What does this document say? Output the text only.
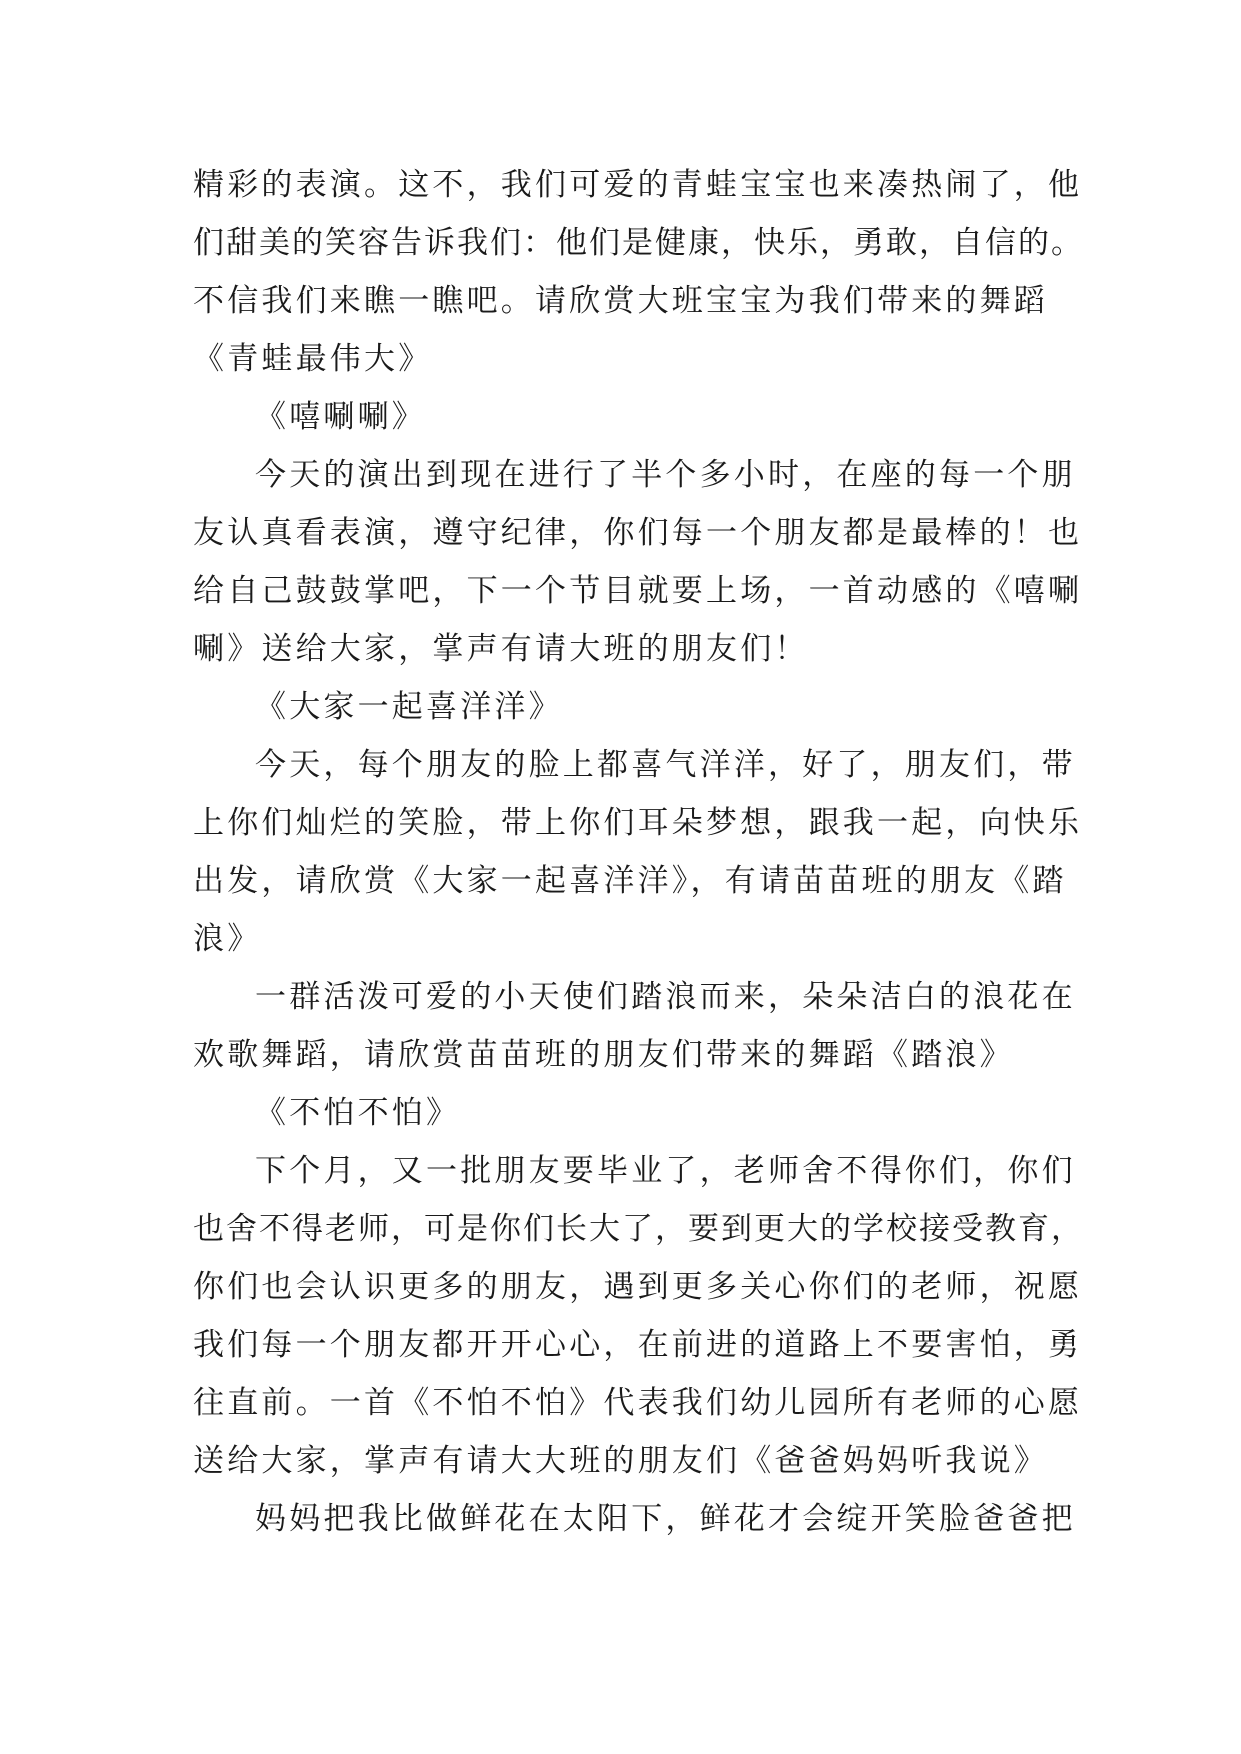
精彩的表演。这不，我们可爱的青蛙宝宝也来凑热闹了，他
们甜美的笑容告诉我们：他们是健康，快乐，勇敢，自信的。
不信我们来瞧一瞧吧。请欣赏大班宝宝为我们带来的舞蹈
《青蛙最伟大》
《嘻唰唰》
今天的演出到现在进行了半个多小时，在座的每一个朋
友认真看表演，遵守纪律，你们每一个朋友都是最棒的！也
给自己鼓鼓掌吧，下一个节目就要上场，一首动感的《嘻唰
唰》送给大家，掌声有请大班的朋友们！
《大家一起喜洋洋》
今天，每个朋友的脸上都喜气洋洋，好了，朋友们，带
上你们灿烂的笑脸，带上你们耳朵梦想，跟我一起，向快乐
出发，请欣赏《大家一起喜洋洋》，有请苗苗班的朋友《踏
浪》
一群活泼可爱的小天使们踏浪而来，朵朵洁白的浪花在
欢歌舞蹈，请欣赏苗苗班的朋友们带来的舞蹈《踏浪》
《不怕不怕》
下个月，又一批朋友要毕业了，老师舍不得你们，你们
也舍不得老师，可是你们长大了，要到更大的学校接受教育，
你们也会认识更多的朋友，遇到更多关心你们的老师，祝愿
我们每一个朋友都开开心心，在前进的道路上不要害怕，勇
往直前。一首《不怕不怕》代表我们幼儿园所有老师的心愿
送给大家，掌声有请大大班的朋友们《爸爸妈妈听我说》
妈妈把我比做鲜花在太阳下，鲜花才会绽开笑脸爸爸把
